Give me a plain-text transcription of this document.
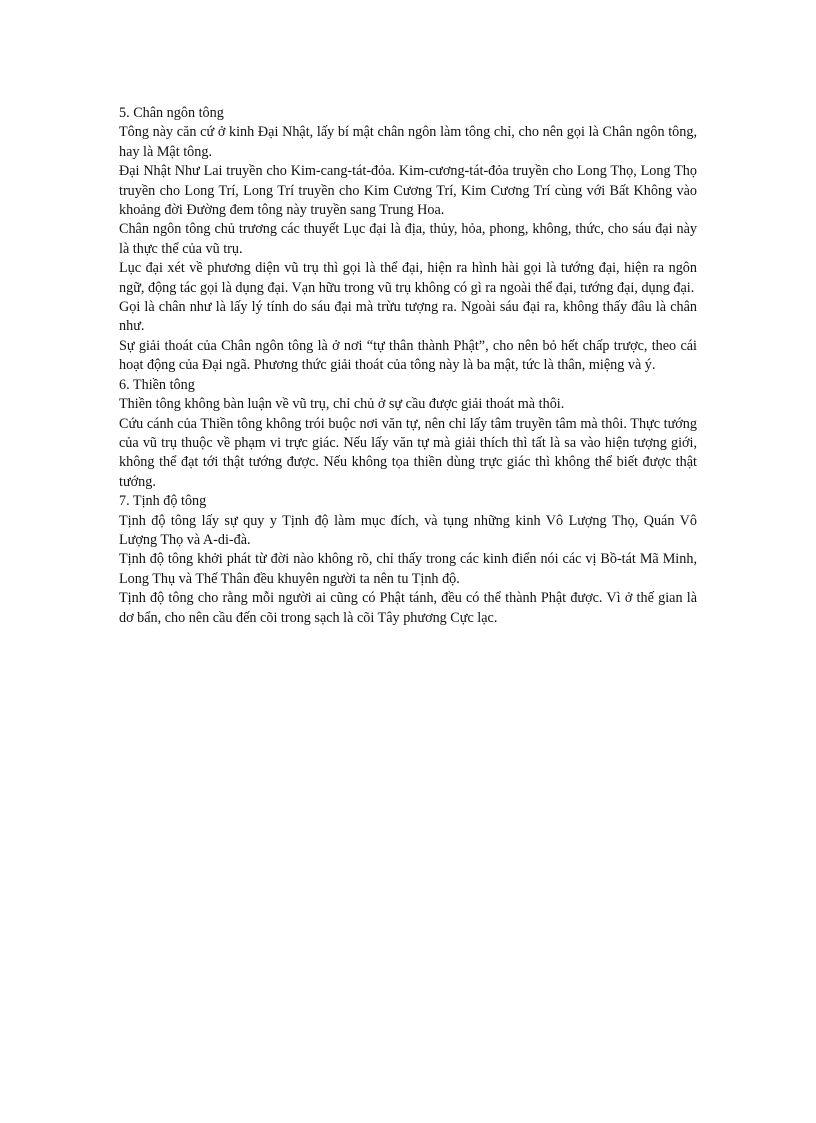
5. Chân ngôn tông

Tông này căn cứ ở kinh Đại Nhật, lấy bí mật chân ngôn làm tông chỉ, cho nên gọi là Chân ngôn tông, hay là Mật tông.

Đại Nhật Như Lai truyền cho Kim-cang-tát-đỏa. Kim-cương-tát-đỏa truyền cho Long Thọ, Long Thọ truyền cho Long Trí, Long Trí truyền cho Kim Cương Trí, Kim Cương Trí cùng với Bất Không vào khoảng đời Đường đem tông này truyền sang Trung Hoa.

Chân ngôn tông chủ trương các thuyết Lục đại là địa, thủy, hỏa, phong, không, thức, cho sáu đại này là thực thể của vũ trụ.

Lục đại xét về phương diện vũ trụ thì gọi là thể đại, hiện ra hình hài gọi là tướng đại, hiện ra ngôn ngữ, động tác gọi là dụng đại. Vạn hữu trong vũ trụ không có gì ra ngoài thể đại, tướng đại, dụng đại.

Gọi là chân như là lấy lý tính do sáu đại mà trừu tượng ra. Ngoài sáu đại ra, không thấy đâu là chân như.

Sự giải thoát của Chân ngôn tông là ở nơi “tự thân thành Phật”, cho nên bỏ hết chấp trược, theo cái hoạt động của Đại ngã. Phương thức giải thoát của tông này là ba mật, tức là thân, miệng và ý.

6. Thiền tông

Thiền tông không bàn luận về vũ trụ, chỉ chủ ở sự cầu được giải thoát mà thôi.

Cứu cánh của Thiền tông không trói buộc nơi văn tự, nên chỉ lấy tâm truyền tâm mà thôi. Thực tướng của vũ trụ thuộc về phạm vi trực giác. Nếu lấy văn tự mà giải thích thì tất là sa vào hiện tượng giới, không thể đạt tới thật tướng được. Nếu không tọa thiền dùng trực giác thì không thể biết được thật tướng.

7. Tịnh độ tông

Tịnh độ tông lấy sự quy y Tịnh độ làm mục đích, và tụng những kinh Vô Lượng Thọ, Quán Vô Lượng Thọ và A-di-đà.

Tịnh độ tông khởi phát từ đời nào không rõ, chỉ thấy trong các kinh điển nói các vị Bồ-tát Mã Minh, Long Thụ và Thế Thân đều khuyên người ta nên tu Tịnh độ.

Tịnh độ tông cho rằng mỗi người ai cũng có Phật tánh, đều có thể thành Phật được. Vì ở thế gian là dơ bẩn, cho nên cầu đến cõi trong sạch là cõi Tây phương Cực lạc.
